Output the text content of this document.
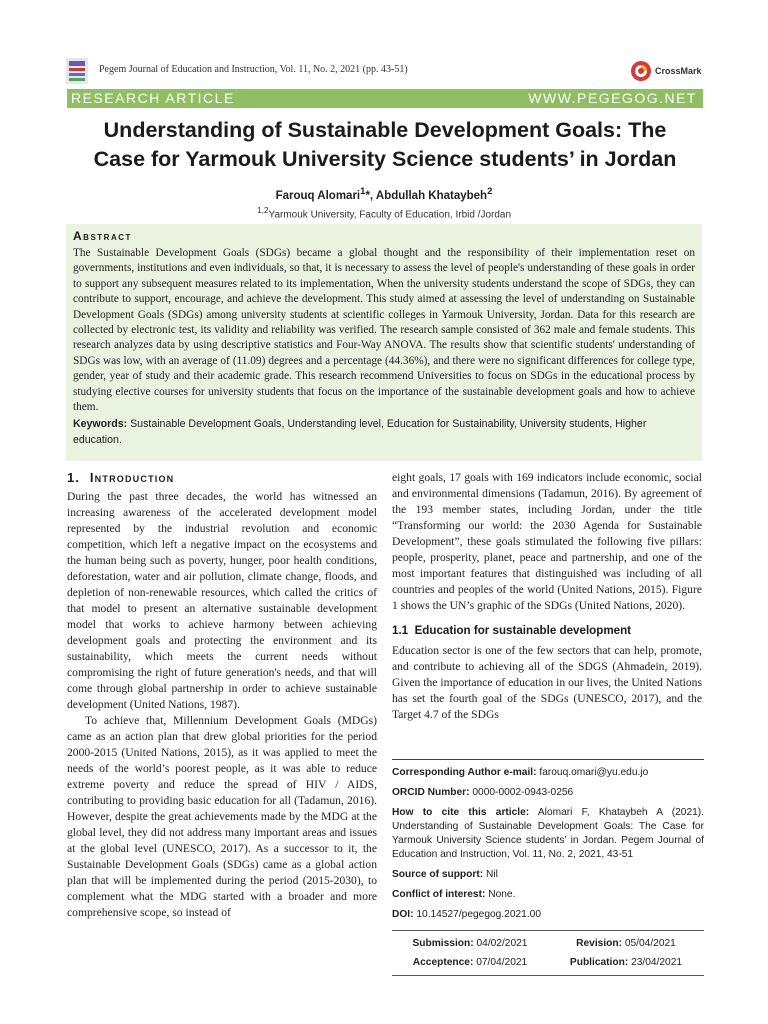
Pegem Journal of Education and Instruction, Vol. 11, No. 2, 2021 (pp. 43-51)	CrossMark
RESEARCH ARTICLE	WWW.PEGEGOG.NET
Understanding of Sustainable Development Goals: The
Case for Yarmouk University Science students’ in Jordan
Farouq Alomari$^1$*, Abdullah Khataybeh$^2$
$^{1,2}$Yarmouk University, Faculty of Education, Irbid /Jordan
Abstract
The Sustainable Development Goals (SDGs) became a global thought and the responsibility of their implementation reset on governments, institutions and even individuals, so that, it is necessary to assess the level of people's understanding of these goals in order to support any subsequent measures related to its implementation, When the university students understand the scope of SDGs, they can contribute to support, encourage, and achieve the development. This study aimed at assessing the level of understanding on Sustainable Development Goals (SDGs) among university students at scientific colleges in Yarmouk University, Jordan. Data for this research are collected by electronic test, its validity and reliability was verified. The research sample consisted of 362 male and female students. This research analyzes data by using descriptive statistics and Four-Way ANOVA. The results show that scientific students' understanding of SDGs was low, with an average of (11.09) degrees and a percentage (44.36%), and there were no significant differences for college type, gender, year of study and their academic grade. This research recommend Universities to focus on SDGs in the educational process by studying elective courses for university students that focus on the importance of the sustainable development goals and how to achieve them.
Keywords: Sustainable Development Goals, Understanding level, Education for Sustainability, University students, Higher education.
1. Introduction

During the past three decades, the world has witnessed an increasing awareness of the accelerated development model represented by the industrial revolution and economic competition, which left a negative impact on the ecosystems and the human being such as poverty, hunger, poor health conditions, deforestation, water and air pollution, climate change, floods, and depletion of non-renewable resources, which called the critics of that model to present an alternative sustainable development model that works to achieve harmony between achieving development goals and protecting the environment and its sustainability, which meets the current needs without compromising the right of future generation's needs, and that will come through global partnership in order to achieve sustainable development (United Nations, 1987).

To achieve that, Millennium Development Goals (MDGs) came as an action plan that drew global priorities for the period 2000-2015 (United Nations, 2015), as it was applied to meet the needs of the world’s poorest people, as it was able to reduce extreme poverty and reduce the spread of HIV / AIDS, contributing to providing basic education for all (Tadamun, 2016). However, despite the great achievements made by the MDG at the global level, they did not address many important areas and issues at the global level (UNESCO, 2017). As a successor to it, the Sustainable Development Goals (SDGs) came as a global action plan that will be implemented during the period (2015-2030), to complement what the MDG started with a broader and more comprehensive scope, so instead of

eight goals, 17 goals with 169 indicators include economic, social and environmental dimensions (Tadamun, 2016). By agreement of the 193 member states, including Jordan, under the title “Transforming our world: the 2030 Agenda for Sustainable Development”, these goals stimulated the following five pillars: people, prosperity, planet, peace and partnership, and one of the most important features that distinguished was including of all countries and peoples of the world (United Nations, 2015). Figure 1 shows the UN’s graphic of the SDGs (United Nations, 2020).

1.1 Education for sustainable development

Education sector is one of the few sectors that can help, promote, and contribute to achieving all of the SDGS (Ahmadein, 2019). Given the importance of education in our lives, the United Nations has set the fourth goal of the SDGs (UNESCO, 2017), and the Target 4.7 of the SDGs

Corresponding Author e-mail: farouq.omari@yu.edu.jo
ORCID Number: 0000-0002-0943-0256
How to cite this article: Alomari F, Khataybeh A (2021). Understanding of Sustainable Development Goals: The Case for Yarmouk University Science students’ in Jordan. Pegem Journal of Education and Instruction, Vol. 11, No. 2, 2021, 43-51
Source of support: Nil
Conflict of interest: None.
DOI: 10.14527/pegegog.2021.00
Submission: 04/02/2021	Revision: 05/04/2021
Acceptence: 07/04/2021	Publication: 23/04/2021
